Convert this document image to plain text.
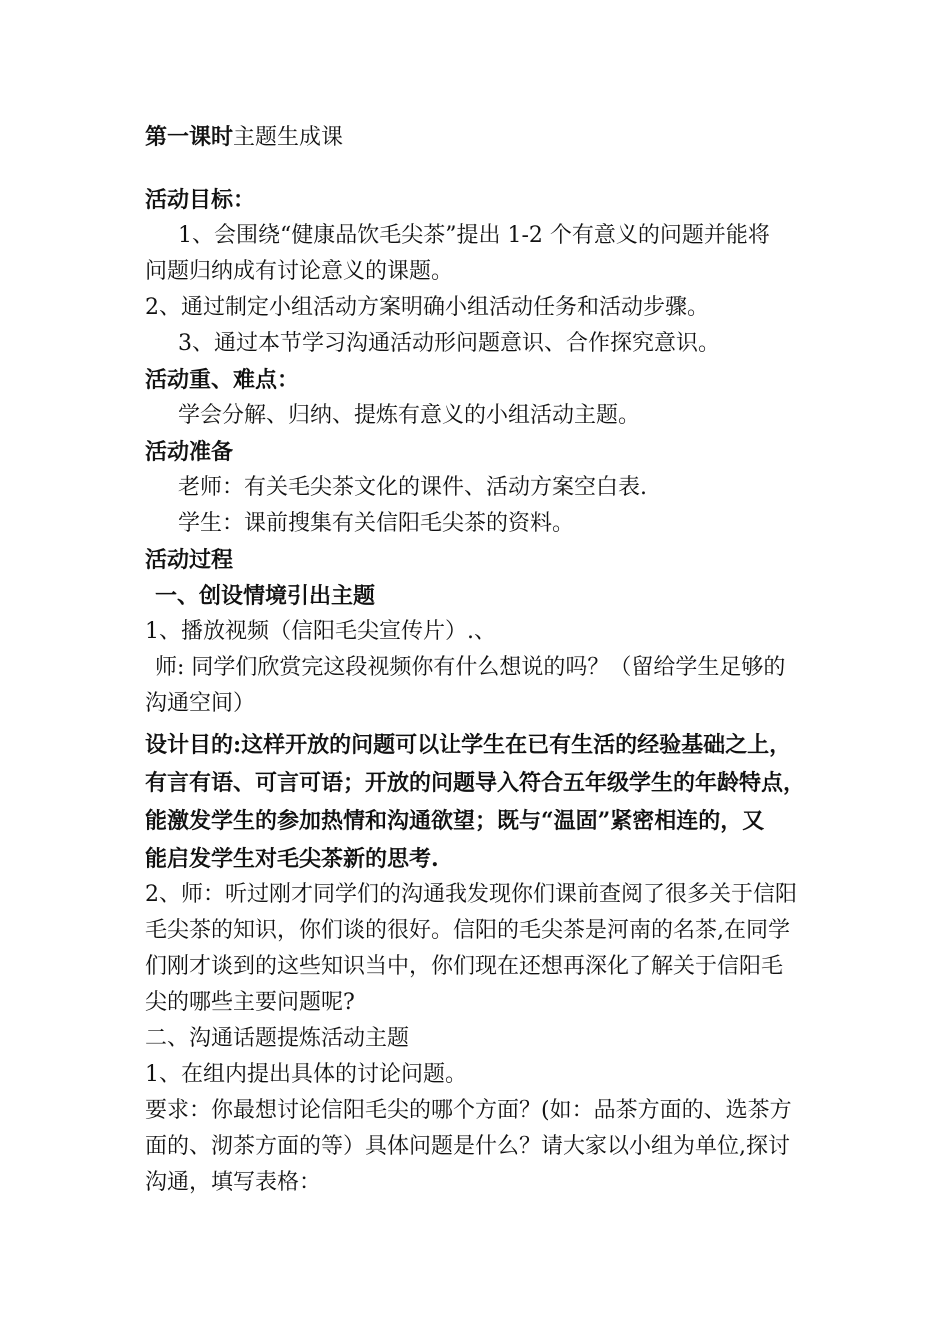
第一课时主题生成课
活动目标：
1、会围绕“健康品饮毛尖茶”提出 1-2 个有意义的问题并能将
问题归纳成有讨论意义的课题。
2、通过制定小组活动方案明确小组活动任务和活动步骤。
3、通过本节学习沟通活动形问题意识、合作探究意识。
活动重、难点：
学会分解、归纳、提炼有意义的小组活动主题。
活动准备
老师：有关毛尖茶文化的课件、活动方案空白表.
学生：课前搜集有关信阳毛尖茶的资料。
活动过程
一、创设情境引出主题
1、播放视频（信阳毛尖宣传片）.、
师: 同学们欣赏完这段视频你有什么想说的吗？（留给学生足够的
沟通空间）
设计目的:这样开放的问题可以让学生在已有生活的经验基础之上，
有言有语、可言可语；开放的问题导入符合五年级学生的年龄特点，
能激发学生的参加热情和沟通欲望；既与“温固”紧密相连的，又
能启发学生对毛尖茶新的思考.
2、师：听过刚才同学们的沟通我发现你们课前查阅了很多关于信阳
毛尖茶的知识，你们谈的很好。信阳的毛尖茶是河南的名茶,在同学
们刚才谈到的这些知识当中，你们现在还想再深化了解关于信阳毛
尖的哪些主要问题呢?
二、沟通话题提炼活动主题
1、在组内提出具体的讨论问题。
要求：你最想讨论信阳毛尖的哪个方面？(如：品茶方面的、选茶方
面的、沏茶方面的等）具体问题是什么？请大家以小组为单位,探讨
沟通，填写表格：
